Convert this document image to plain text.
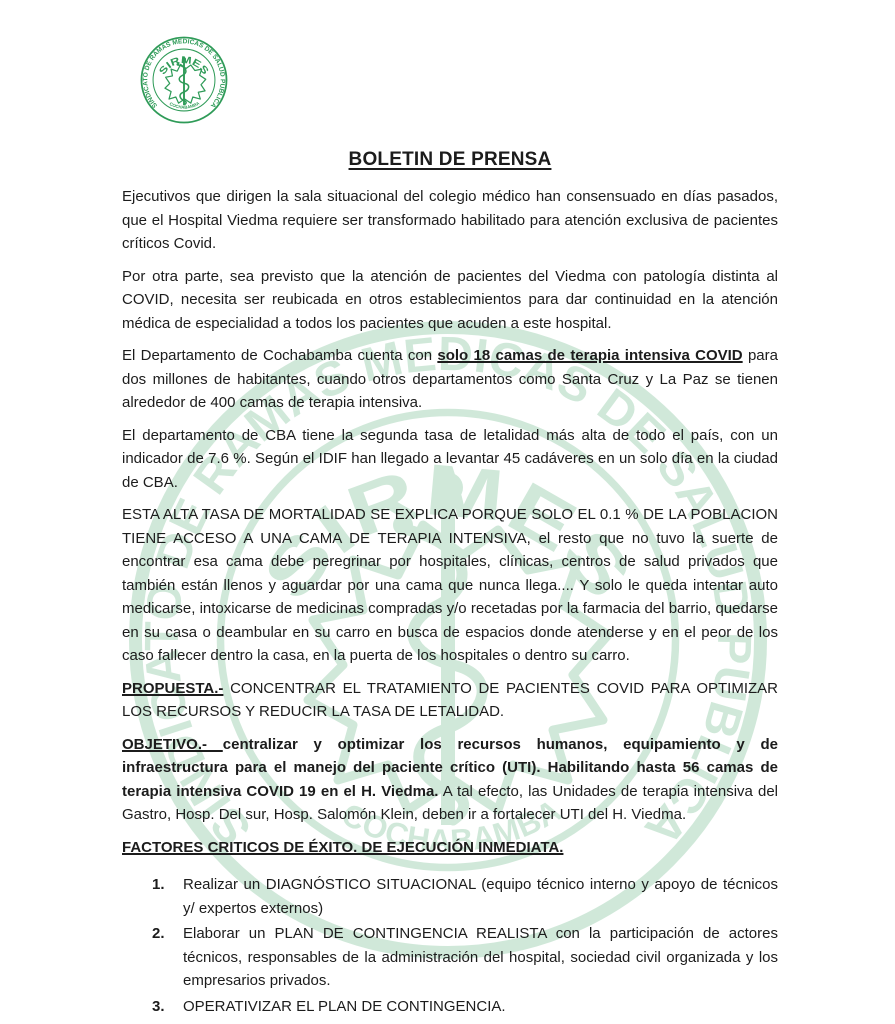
BOLETIN DE PRENSA

Ejecutivos que dirigen la sala situacional del colegio médico han consensuado en días pasados, que el Hospital Viedma requiere ser transformado habilitado para atención exclusiva de pacientes críticos Covid.

Por otra parte, sea previsto que la atención de pacientes del Viedma con patología distinta al COVID, necesita ser reubicada en otros establecimientos para dar continuidad en la atención médica de especialidad a todos los pacientes que acuden a este hospital.

El Departamento de Cochabamba cuenta con solo 18 camas de terapia intensiva COVID para dos millones de habitantes, cuando otros departamentos como Santa Cruz y La Paz se tienen alrededor de 400 camas de terapia intensiva.

El departamento de CBA tiene la segunda tasa de letalidad más alta de todo el país, con un indicador de 7.6 %. Según el IDIF han llegado a levantar 45 cadáveres en un solo día en la ciudad de CBA.

ESTA ALTA TASA DE MORTALIDAD SE EXPLICA PORQUE SOLO EL 0.1 % DE LA POBLACION TIENE ACCESO A UNA CAMA DE TERAPIA INTENSIVA, el resto que no tuvo la suerte de encontrar esa cama debe peregrinar por hospitales, clínicas, centros de salud privados que también están llenos y aguardar por una cama que nunca llega.... Y solo le queda intentar auto medicarse, intoxicarse de medicinas compradas y/o recetadas por la farmacia del barrio, quedarse en su casa o deambular en su carro en busca de espacios donde atenderse y en el peor de los caso fallecer dentro la casa, en la puerta de los hospitales o dentro su carro.

PROPUESTA.- CONCENTRAR EL TRATAMIENTO DE PACIENTES COVID PARA OPTIMIZAR LOS RECURSOS Y REDUCIR LA TASA DE LETALIDAD.

OBJETIVO.- centralizar y optimizar los recursos humanos, equipamiento y de infraestructura para el manejo del paciente crítico (UTI). Habilitando hasta 56 camas de terapia intensiva COVID 19 en el H. Viedma. A tal efecto, las Unidades de terapia intensiva del Gastro, Hosp. Del sur, Hosp. Salomón Klein, deben ir a fortalecer UTI del H. Viedma.

FACTORES CRITICOS DE ÉXITO. DE EJECUCIÓN INMEDIATA.

1. Realizar un DIAGNÓSTICO SITUACIONAL (equipo técnico interno y apoyo de técnicos y/ expertos externos)
2. Elaborar un PLAN DE CONTINGENCIA REALISTA con la participación de actores técnicos, responsables de la administración del hospital, sociedad civil organizada y los empresarios privados.
3. OPERATIVIZAR EL PLAN DE CONTINGENCIA.
